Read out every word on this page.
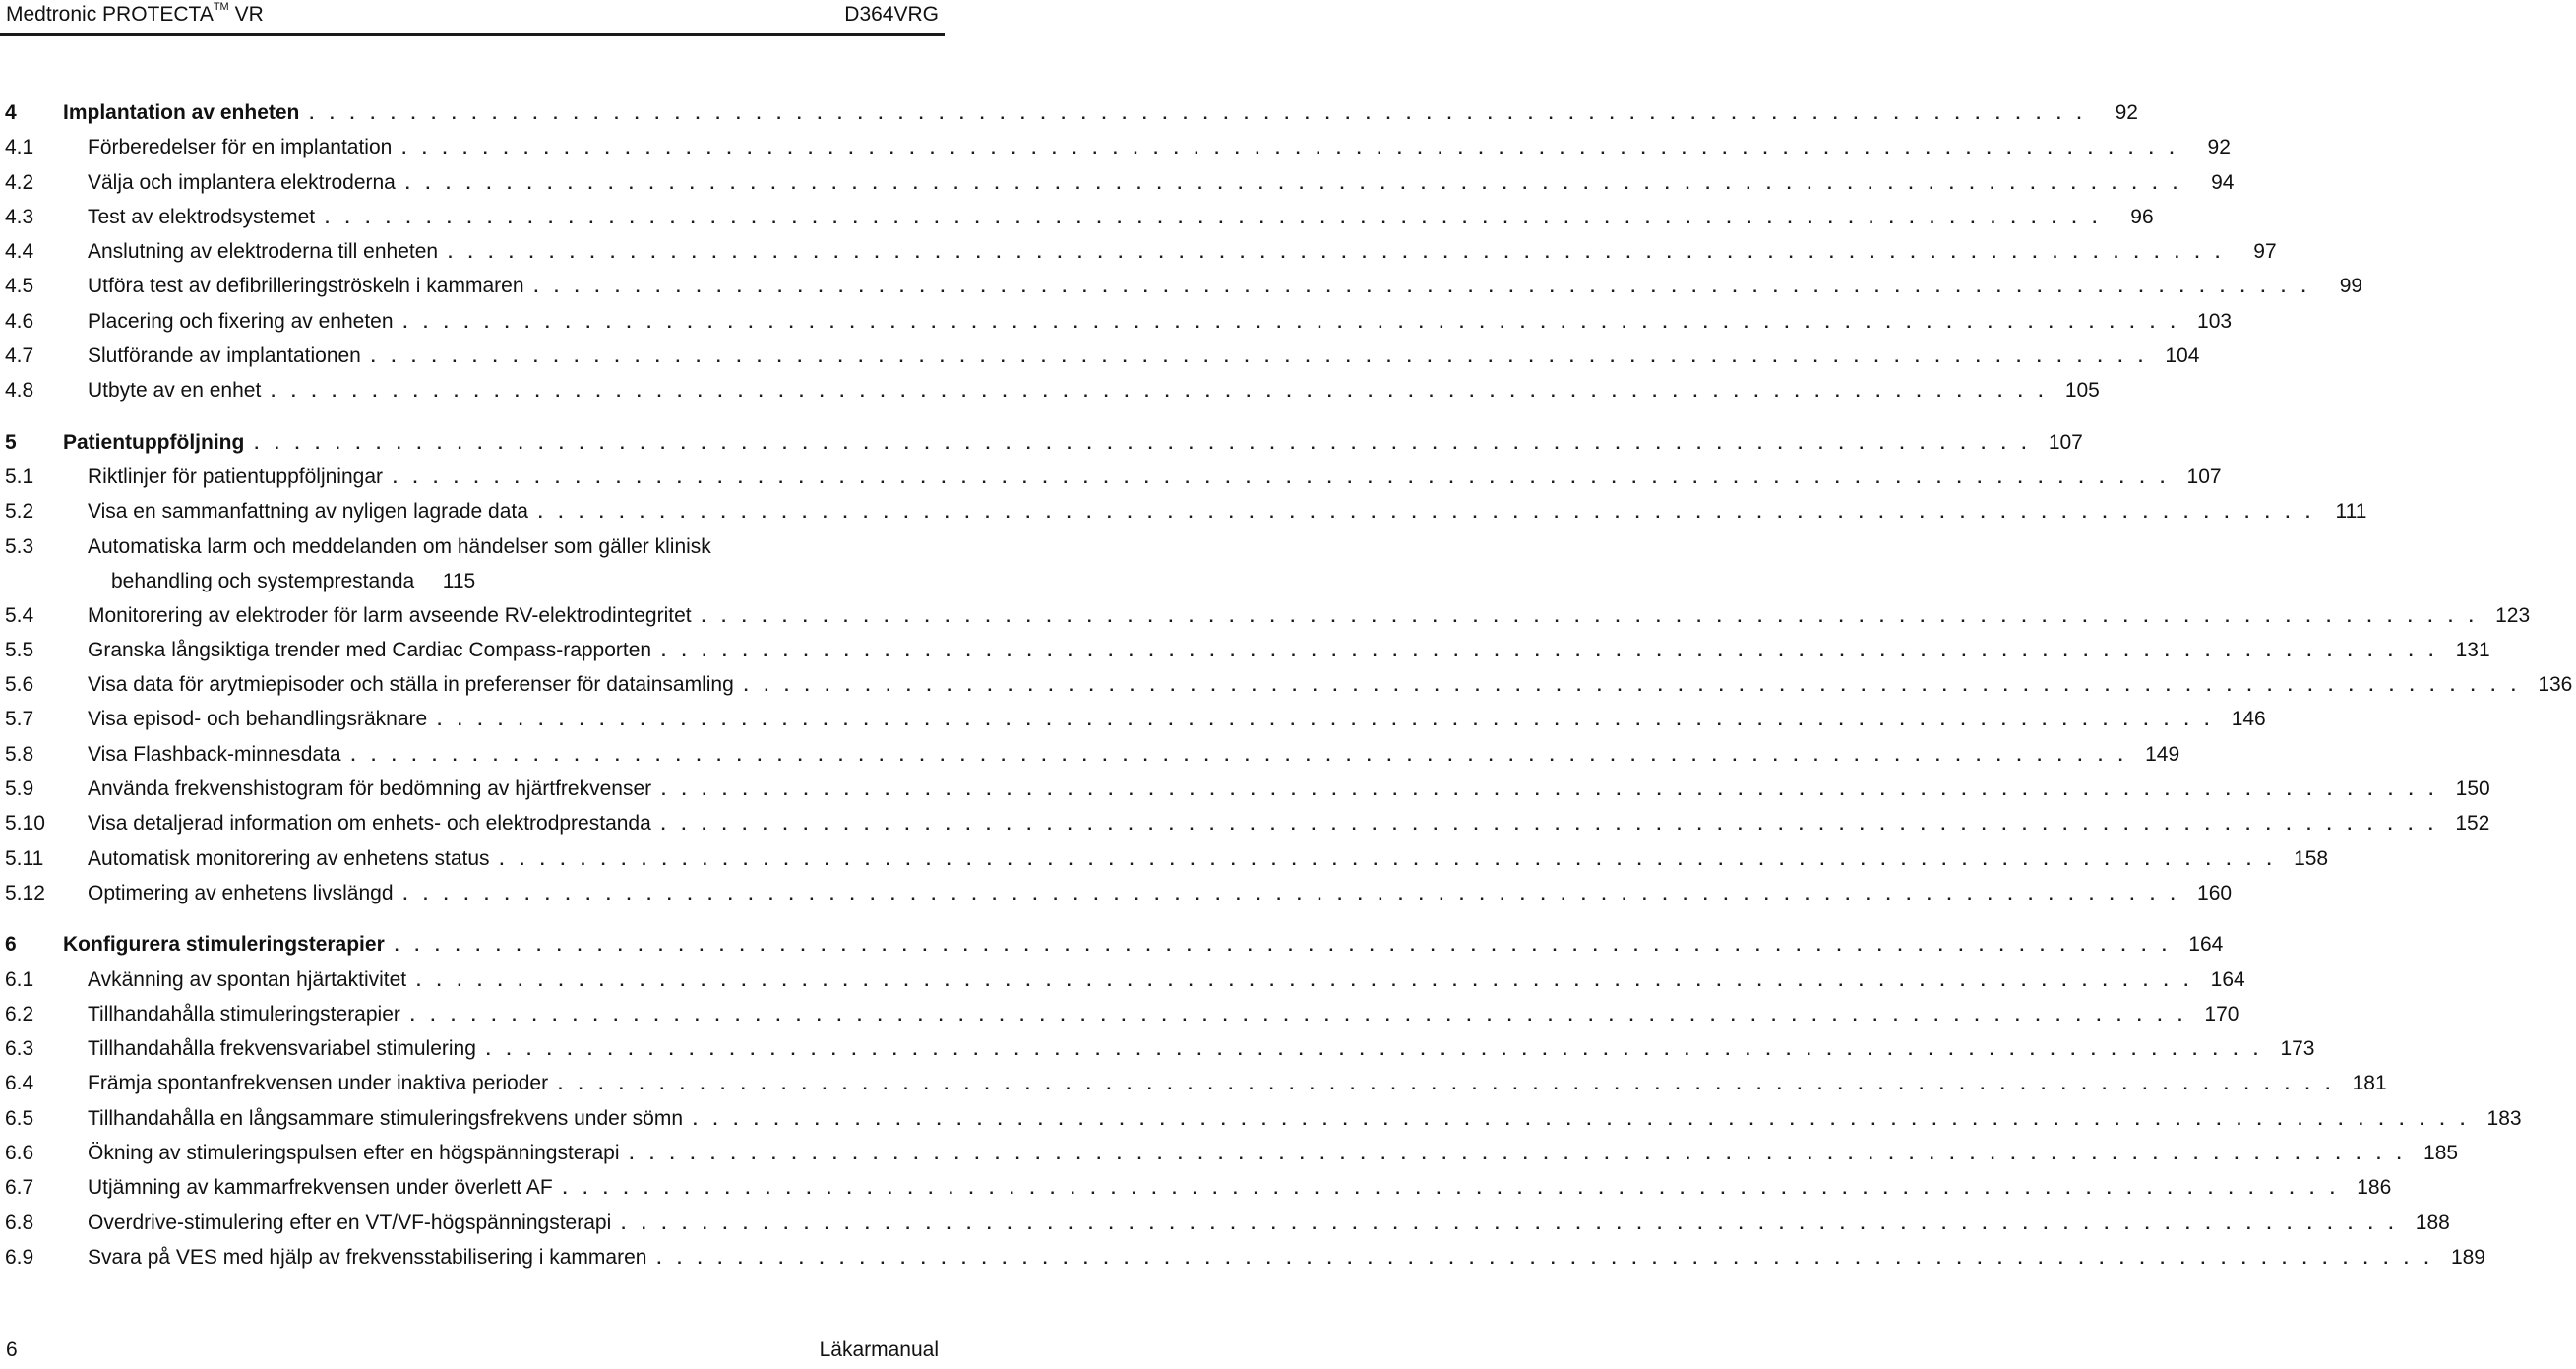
Medtronic PROTECTA™ VR	D364VRG
4 Implantation av enheten . . . . . . . . . . . . . . . . . . . . . . . . . . . . . . . . . . . . . . . . . . . . . . . . . . . . . . . . . . . . . . . . . . . . . . . . . . . . . . . . . . . . . . . .	92
4.1	Förberedelser för en implantation . . . . . . . . . . . . . . . . . . . . . . . . . . . . . . . . . . . . . . . . . . . . . . . . . . . . . . . . . . . . . . . . . . . . . . . . . . . . . . . . . . . . . . . .	92
4.2	Välja och implantera elektroderna . . . . . . . . . . . . . . . . . . . . . . . . . . . . . . . . . . . . . . . . . . . . . . . . . . . . . . . . . . . . . . . . . . . . . . . . . . . . . . . . . . . . . . . .	94
4.3	Test av elektrodsystemet . . . . . . . . . . . . . . . . . . . . . . . . . . . . . . . . . . . . . . . . . . . . . . . . . . . . . . . . . . . . . . . . . . . . . . . . . . . . . . . . . . . . . . . .	96
4.4	Anslutning av elektroderna till enheten . . . . . . . . . . . . . . . . . . . . . . . . . . . . . . . . . . . . . . . . . . . . . . . . . . . . . . . . . . . . . . . . . . . . . . . . . . . . . . . . . . . . . . . .	97
4.5	Utföra test av defibrilleringströskeln i kammaren . . . . . . . . . . . . . . . . . . . . . . . . . . . . . . . . . . . . . . . . . . . . . . . . . . . . . . . . . . . . . . . . . . . . . . . . . . . . . . . . . . . . . . . .	99
4.6	Placering och fixering av enheten . . . . . . . . . . . . . . . . . . . . . . . . . . . . . . . . . . . . . . . . . . . . . . . . . . . . . . . . . . . . . . . . . . . . . . . . . . . . . . . . . . . . . . . . 103
4.7	Slutförande av implantationen . . . . . . . . . . . . . . . . . . . . . . . . . . . . . . . . . . . . . . . . . . . . . . . . . . . . . . . . . . . . . . . . . . . . . . . . . . . . . . . . . . . . . . . . 104
4.8	Utbyte av en enhet . . . . . . . . . . . . . . . . . . . . . . . . . . . . . . . . . . . . . . . . . . . . . . . . . . . . . . . . . . . . . . . . . . . . . . . . . . . . . . . . . . . . . . . . 105
5 Patientuppföljning . . . . . . . . . . . . . . . . . . . . . . . . . . . . . . . . . . . . . . . . . . . . . . . . . . . . . . . . . . . . . . . . . . . . . . . . . . . . . . . . . . . . . . . . 107
5.1	Riktlinjer för patientuppföljningar . . . . . . . . . . . . . . . . . . . . . . . . . . . . . . . . . . . . . . . . . . . . . . . . . . . . . . . . . . . . . . . . . . . . . . . . . . . . . . . . . . . . . . . . 107
5.2	Visa en sammanfattning av nyligen lagrade data . . . . . . . . . . . . . . . . . . . . . . . . . . . . . . . . . . . . . . . . . . . . . . . . . . . . . . . . . . . . . . . . . . . . . . . . . . . . . . . . . . . . . . . . 111
5.3	Automatiska larm och meddelanden om händelser som gäller klinisk
behandling och systemprestanda	115
5.4	Monitorering av elektroder för larm avseende RV-elektrodintegritet . . . . . . . . . . . . . . . . . . . . . . . . . . . . . . . . . . . . . . . . . . . . . . . . . . . . . . . . . . . . . . . . . . . . . . . . . . . . . . . . . . . . . . . . 123
5.5	Granska långsiktiga trender med Cardiac Compass-rapporten . . . . . . . . . . . . . . . . . . . . . . . . . . . . . . . . . . . . . . . . . . . . . . . . . . . . . . . . . . . . . . . . . . . . . . . . . . . . . . . . . . . . . . . . 131
5.6	Visa data för arytmiepisoder och ställa in preferenser för datainsamling . . . . . . . . . . . . . . . . . . . . . . . . . . . . . . . . . . . . . . . . . . . . . . . . . . . . . . . . . . . . . . . . . . . . . . . . . . . . . . . . . . . . . . . . 136
5.7	Visa episod- och behandlingsräknare . . . . . . . . . . . . . . . . . . . . . . . . . . . . . . . . . . . . . . . . . . . . . . . . . . . . . . . . . . . . . . . . . . . . . . . . . . . . . . . . . . . . . . . . 146
5.8	Visa Flashback-minnesdata . . . . . . . . . . . . . . . . . . . . . . . . . . . . . . . . . . . . . . . . . . . . . . . . . . . . . . . . . . . . . . . . . . . . . . . . . . . . . . . . . . . . . . . . 149
5.9	Använda frekvenshistogram för bedömning av hjärtfrekvenser . . . . . . . . . . . . . . . . . . . . . . . . . . . . . . . . . . . . . . . . . . . . . . . . . . . . . . . . . . . . . . . . . . . . . . . . . . . . . . . . . . . . . . . . 150
5.10 Visa detaljerad information om enhets- och elektrodprestanda . . . . . . . . . . . . . . . . . . . . . . . . . . . . . . . . . . . . . . . . . . . . . . . . . . . . . . . . . . . . . . . . . . . . . . . . . . . . . . . . . . . . . . . . 152
5.11 Automatisk monitorering av enhetens status . . . . . . . . . . . . . . . . . . . . . . . . . . . . . . . . . . . . . . . . . . . . . . . . . . . . . . . . . . . . . . . . . . . . . . . . . . . . . . . . . . . . . . . . 158
5.12 Optimering av enhetens livslängd . . . . . . . . . . . . . . . . . . . . . . . . . . . . . . . . . . . . . . . . . . . . . . . . . . . . . . . . . . . . . . . . . . . . . . . . . . . . . . . . . . . . . . . . 160
6 Konfigurera stimuleringsterapier . . . . . . . . . . . . . . . . . . . . . . . . . . . . . . . . . . . . . . . . . . . . . . . . . . . . . . . . . . . . . . . . . . . . . . . . . . . . . . . . . . . . . . . . 164
6.1	Avkänning av spontan hjärtaktivitet . . . . . . . . . . . . . . . . . . . . . . . . . . . . . . . . . . . . . . . . . . . . . . . . . . . . . . . . . . . . . . . . . . . . . . . . . . . . . . . . . . . . . . . . 164
6.2	Tillhandahålla stimuleringsterapier . . . . . . . . . . . . . . . . . . . . . . . . . . . . . . . . . . . . . . . . . . . . . . . . . . . . . . . . . . . . . . . . . . . . . . . . . . . . . . . . . . . . . . . . 170
6.3	Tillhandahålla frekvensvariabel stimulering . . . . . . . . . . . . . . . . . . . . . . . . . . . . . . . . . . . . . . . . . . . . . . . . . . . . . . . . . . . . . . . . . . . . . . . . . . . . . . . . . . . . . . . . 173
6.4	Främja spontanfrekvensen under inaktiva perioder . . . . . . . . . . . . . . . . . . . . . . . . . . . . . . . . . . . . . . . . . . . . . . . . . . . . . . . . . . . . . . . . . . . . . . . . . . . . . . . . . . . . . . . . 181
6.5	Tillhandahålla en långsammare stimuleringsfrekvens under sömn . . . . . . . . . . . . . . . . . . . . . . . . . . . . . . . . . . . . . . . . . . . . . . . . . . . . . . . . . . . . . . . . . . . . . . . . . . . . . . . . . . . . . . . . 183
6.6	Ökning av stimuleringspulsen efter en högspänningsterapi . . . . . . . . . . . . . . . . . . . . . . . . . . . . . . . . . . . . . . . . . . . . . . . . . . . . . . . . . . . . . . . . . . . . . . . . . . . . . . . . . . . . . . . . 185
6.7	Utjämning av kammarfrekvensen under överlett AF . . . . . . . . . . . . . . . . . . . . . . . . . . . . . . . . . . . . . . . . . . . . . . . . . . . . . . . . . . . . . . . . . . . . . . . . . . . . . . . . . . . . . . . . 186
6.8	Overdrive-stimulering efter en VT/VF-högspänningsterapi . . . . . . . . . . . . . . . . . . . . . . . . . . . . . . . . . . . . . . . . . . . . . . . . . . . . . . . . . . . . . . . . . . . . . . . . . . . . . . . . . . . . . . . . 188
6.9	Svara på VES med hjälp av frekvensstabilisering i kammaren . . . . . . . . . . . . . . . . . . . . . . . . . . . . . . . . . . . . . . . . . . . . . . . . . . . . . . . . . . . . . . . . . . . . . . . . . . . . . . . . . . . . . . . . 189
6	Läkarmanual
